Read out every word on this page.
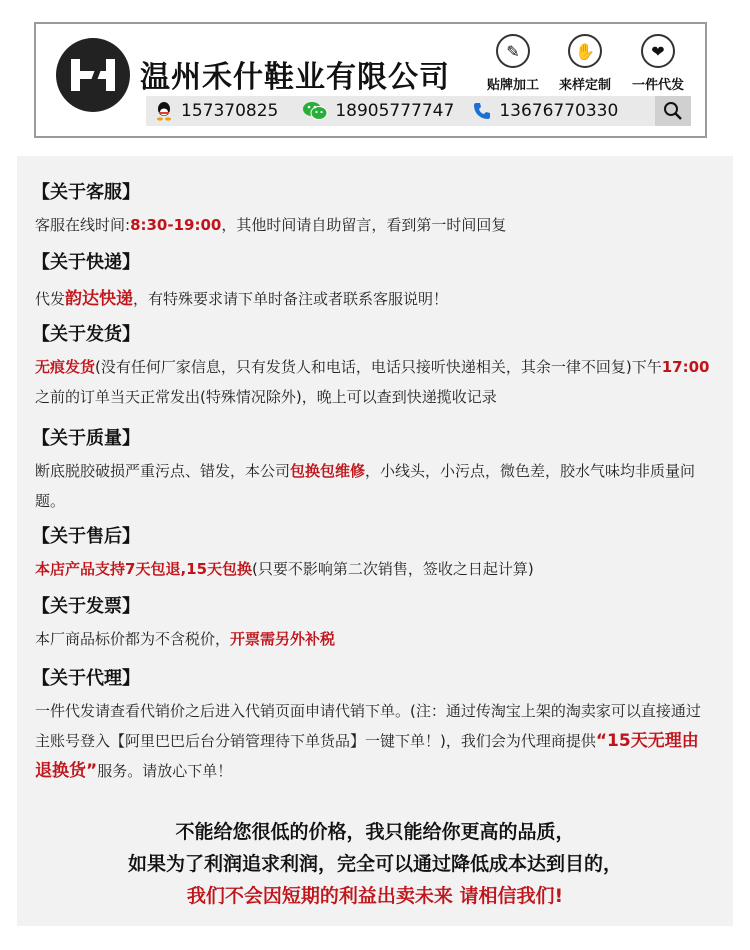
温州禾什鞋业有限公司
✎
贴牌加工
✋
来样定制
❤
一件代发
157370825	18905777747	13676770330
【关于客服】

客服在线时间:8:30-19:00，其他时间请自助留言，看到第一时间回复

【关于快递】

代发韵达快递，有特殊要求请下单时备注或者联系客服说明！

【关于发货】

无痕发货(没有任何厂家信息，只有发货人和电话，电话只接听快递相关，其余一律不回复)下午17:00之前的订单当天正常发出(特殊情况除外)，晚上可以查到快递揽收记录

【关于质量】

断底脱胶破损严重污点、错发，本公司包换包维修，小线头，小污点，微色差，胶水气味均非质量问题。

【关于售后】

本店产品支持7天包退,15天包换(只要不影响第二次销售，签收之日起计算)

【关于发票】

本厂商品标价都为不含税价，开票需另外补税

【关于代理】

一件代发请查看代销价之后进入代销页面申请代销下单。(注：通过传淘宝上架的淘卖家可以直接通过主账号登入【阿里巴巴后台分销管理待下单货品】一键下单！)，我们会为代理商提供“15天无理由退换货”服务。请放心下单！

不能给您很低的价格，我只能给你更高的品质，
如果为了利润追求利润，完全可以通过降低成本达到目的，
我们不会因短期的利益出卖未来 请相信我们!
